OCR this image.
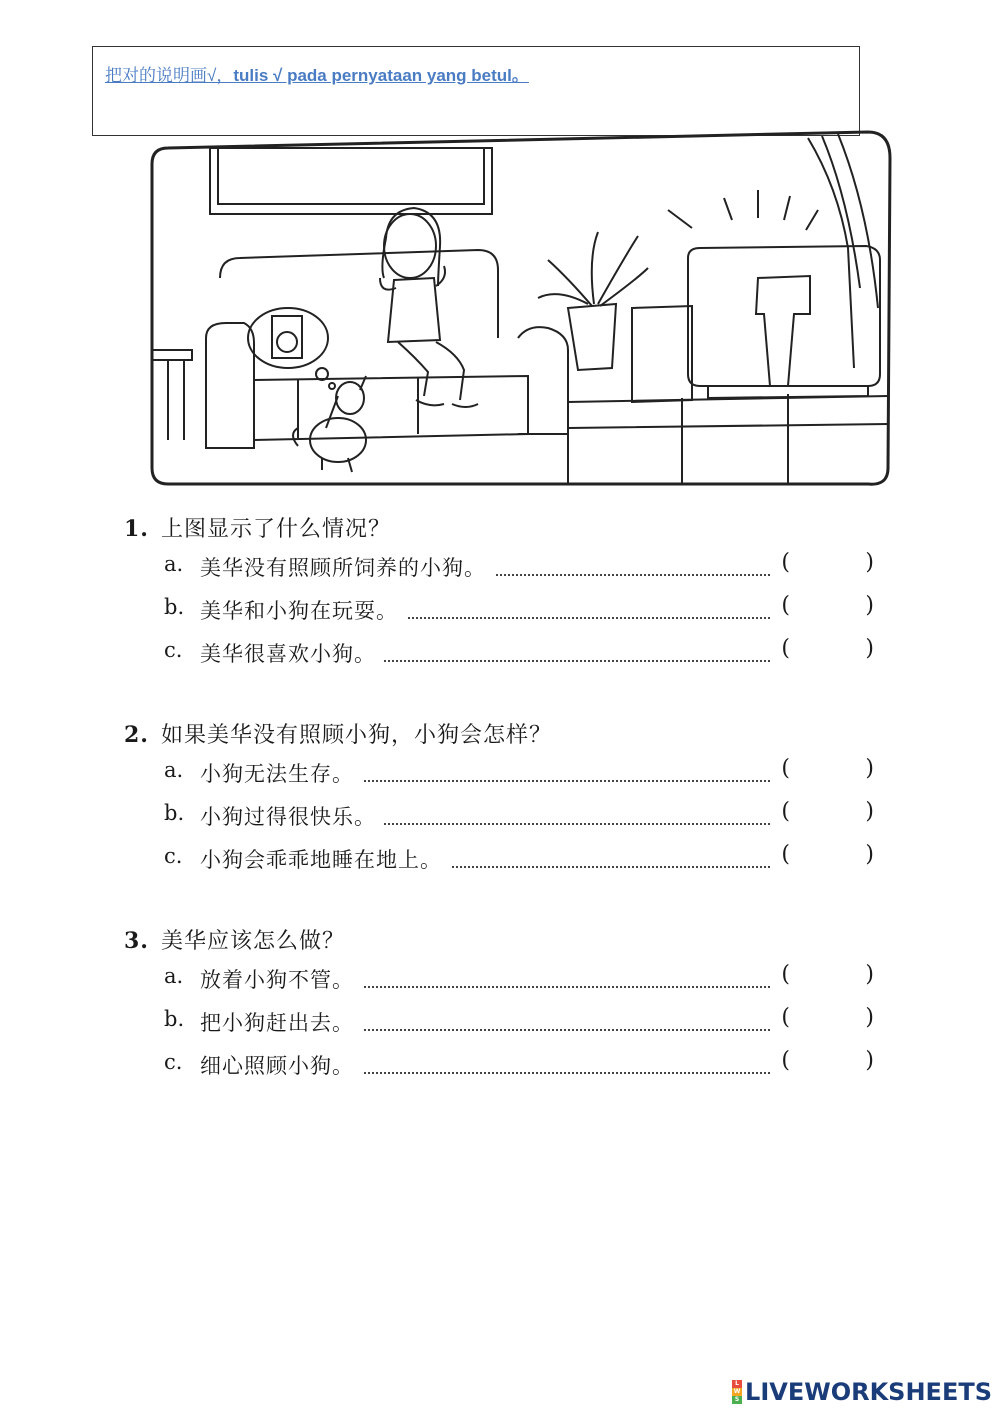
把对的说明画√，tulis √ pada pernyataan yang betul。
1. 上图显示了什么情况？
a. 美华没有照顾所饲养的小狗。	(	)
b. 美华和小狗在玩耍。	(	)
c. 美华很喜欢小狗。	(	)
2. 如果美华没有照顾小狗，小狗会怎样？
a. 小狗无法生存。	(	)
b. 小狗过得很快乐。	(	)
c. 小狗会乖乖地睡在地上。	(	)
3. 美华应该怎么做？
a. 放着小狗不管。	(	)
b. 把小狗赶出去。	(	)
c. 细心照顾小狗。	(	)
L
W
S LIVEWORKSHEETS
